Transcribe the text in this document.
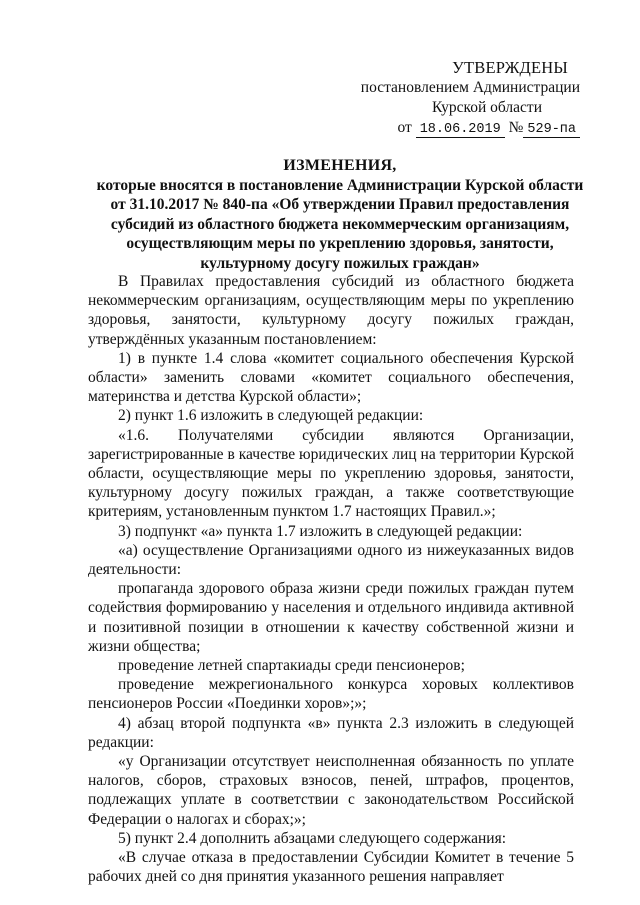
УТВЕРЖДЕНЫ
постановлением Администрации
Курской области
от 18.06.2019 № 529-па
ИЗМЕНЕНИЯ,
которые вносятся в постановление Администрации Курской области
от 31.10.2017 № 840-па «Об утверждении Правил предоставления
субсидий из областного бюджета некоммерческим организациям,
осуществляющим меры по укреплению здоровья, занятости,
культурному досугу пожилых граждан»

В Правилах предоставления субсидий из областного бюджета некоммерческим организациям, осуществляющим меры по укреплению здоровья, занятости, культурному досугу пожилых граждан, утверждённых указанным постановлением:

1) в пункте 1.4 слова «комитет социального обеспечения Курской области» заменить словами «комитет социального обеспечения, материнства и детства Курской области»;

2) пункт 1.6 изложить в следующей редакции:

«1.6. Получателями субсидии являются Организации, зарегистрированные в качестве юридических лиц на территории Курской области, осуществляющие меры по укреплению здоровья, занятости, культурному досугу пожилых граждан, а также соответствующие критериям, установленным пунктом 1.7 настоящих Правил.»;

3) подпункт «а» пункта 1.7 изложить в следующей редакции:

«а) осуществление Организациями одного из нижеуказанных видов деятельности:

пропаганда здорового образа жизни среди пожилых граждан путем содействия формированию у населения и отдельного индивида активной и позитивной позиции в отношении к качеству собственной жизни и жизни общества;

проведение летней спартакиады среди пенсионеров;

проведение межрегионального конкурса хоровых коллективов пенсионеров России «Поединки хоров»;»;

4) абзац второй подпункта «в» пункта 2.3 изложить в следующей редакции:

«у Организации отсутствует неисполненная обязанность по уплате налогов, сборов, страховых взносов, пеней, штрафов, процентов, подлежащих уплате в соответствии с законодательством Российской Федерации о налогах и сборах;»;

5) пункт 2.4 дополнить абзацами следующего содержания:

«В случае отказа в предоставлении Субсидии Комитет в течение 5 рабочих дней со дня принятия указанного решения направляет
